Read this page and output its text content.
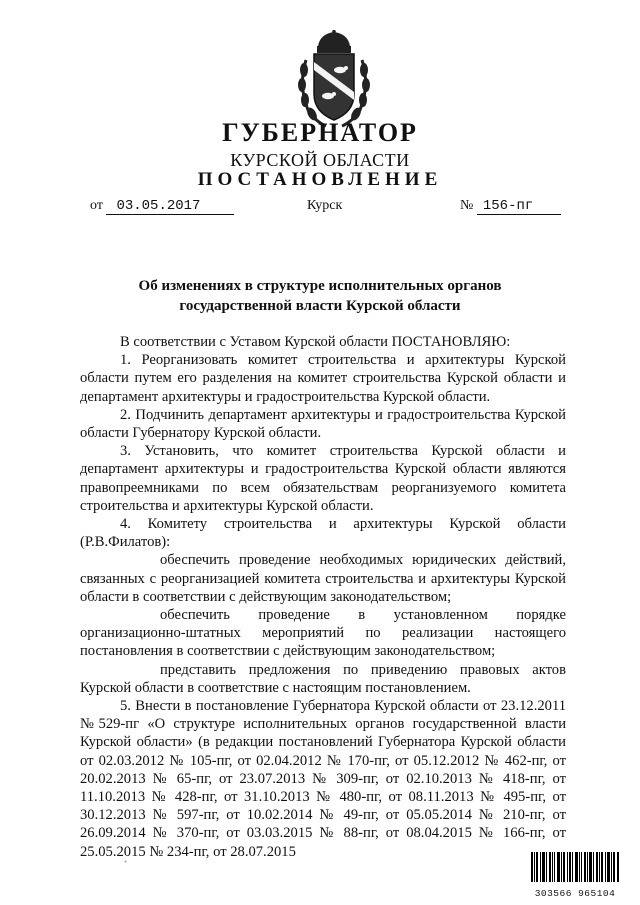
ГУБЕРНАТОР
КУРСКОЙ ОБЛАСТИ
ПОСТАНОВЛЕНИЕ
от 03.05.2017	Курск	№ 156-пг
Об изменениях в структуре исполнительных органов
государственной власти Курской области

В соответствии с Уставом Курской области ПОСТАНОВЛЯЮ:

1. Реорганизовать комитет строительства и архитектуры Курской области путем его разделения на комитет строительства Курской области и департамент архитектуры и градостроительства Курской области.

2. Подчинить департамент архитектуры и градостроительства Курской области Губернатору Курской области.

3. Установить, что комитет строительства Курской области и департамент архитектуры и градостроительства Курской области являются правопреемниками по всем обязательствам реорганизуемого комитета строительства и архитектуры Курской области.

4. Комитету строительства и архитектуры Курской области (Р.В.Филатов):

обеспечить проведение необходимых юридических действий, связанных с реорганизацией комитета строительства и архитектуры Курской области в соответствии с действующим законодательством;

обеспечить проведение в установленном порядке организационно-штатных мероприятий по реализации настоящего постановления в соответствии с действующим законодательством;

представить предложения по приведению правовых актов Курской области в соответствие с настоящим постановлением.

5. Внести в постановление Губернатора Курской области от 23.12.2011 №529-пг «О структуре исполнительных органов государственной власти Курской области» (в редакции постановлений Губернатора Курской области от 02.03.2012 № 105-пг, от 02.04.2012 № 170-пг, от 05.12.2012 № 462-пг, от 20.02.2013 № 65-пг, от 23.07.2013 № 309-пг, от 02.10.2013 № 418-пг, от 11.10.2013 № 428-пг, от 31.10.2013 № 480-пг, от 08.11.2013 № 495-пг, от 30.12.2013 № 597-пг, от 10.02.2014 № 49-пг, от 05.05.2014 № 210-пг, от 26.09.2014 № 370-пг, от 03.03.2015 № 88-пг, от 08.04.2015 № 166-пг, от 25.05.2015 № 234-пг, от 28.07.2015

303566 965104
